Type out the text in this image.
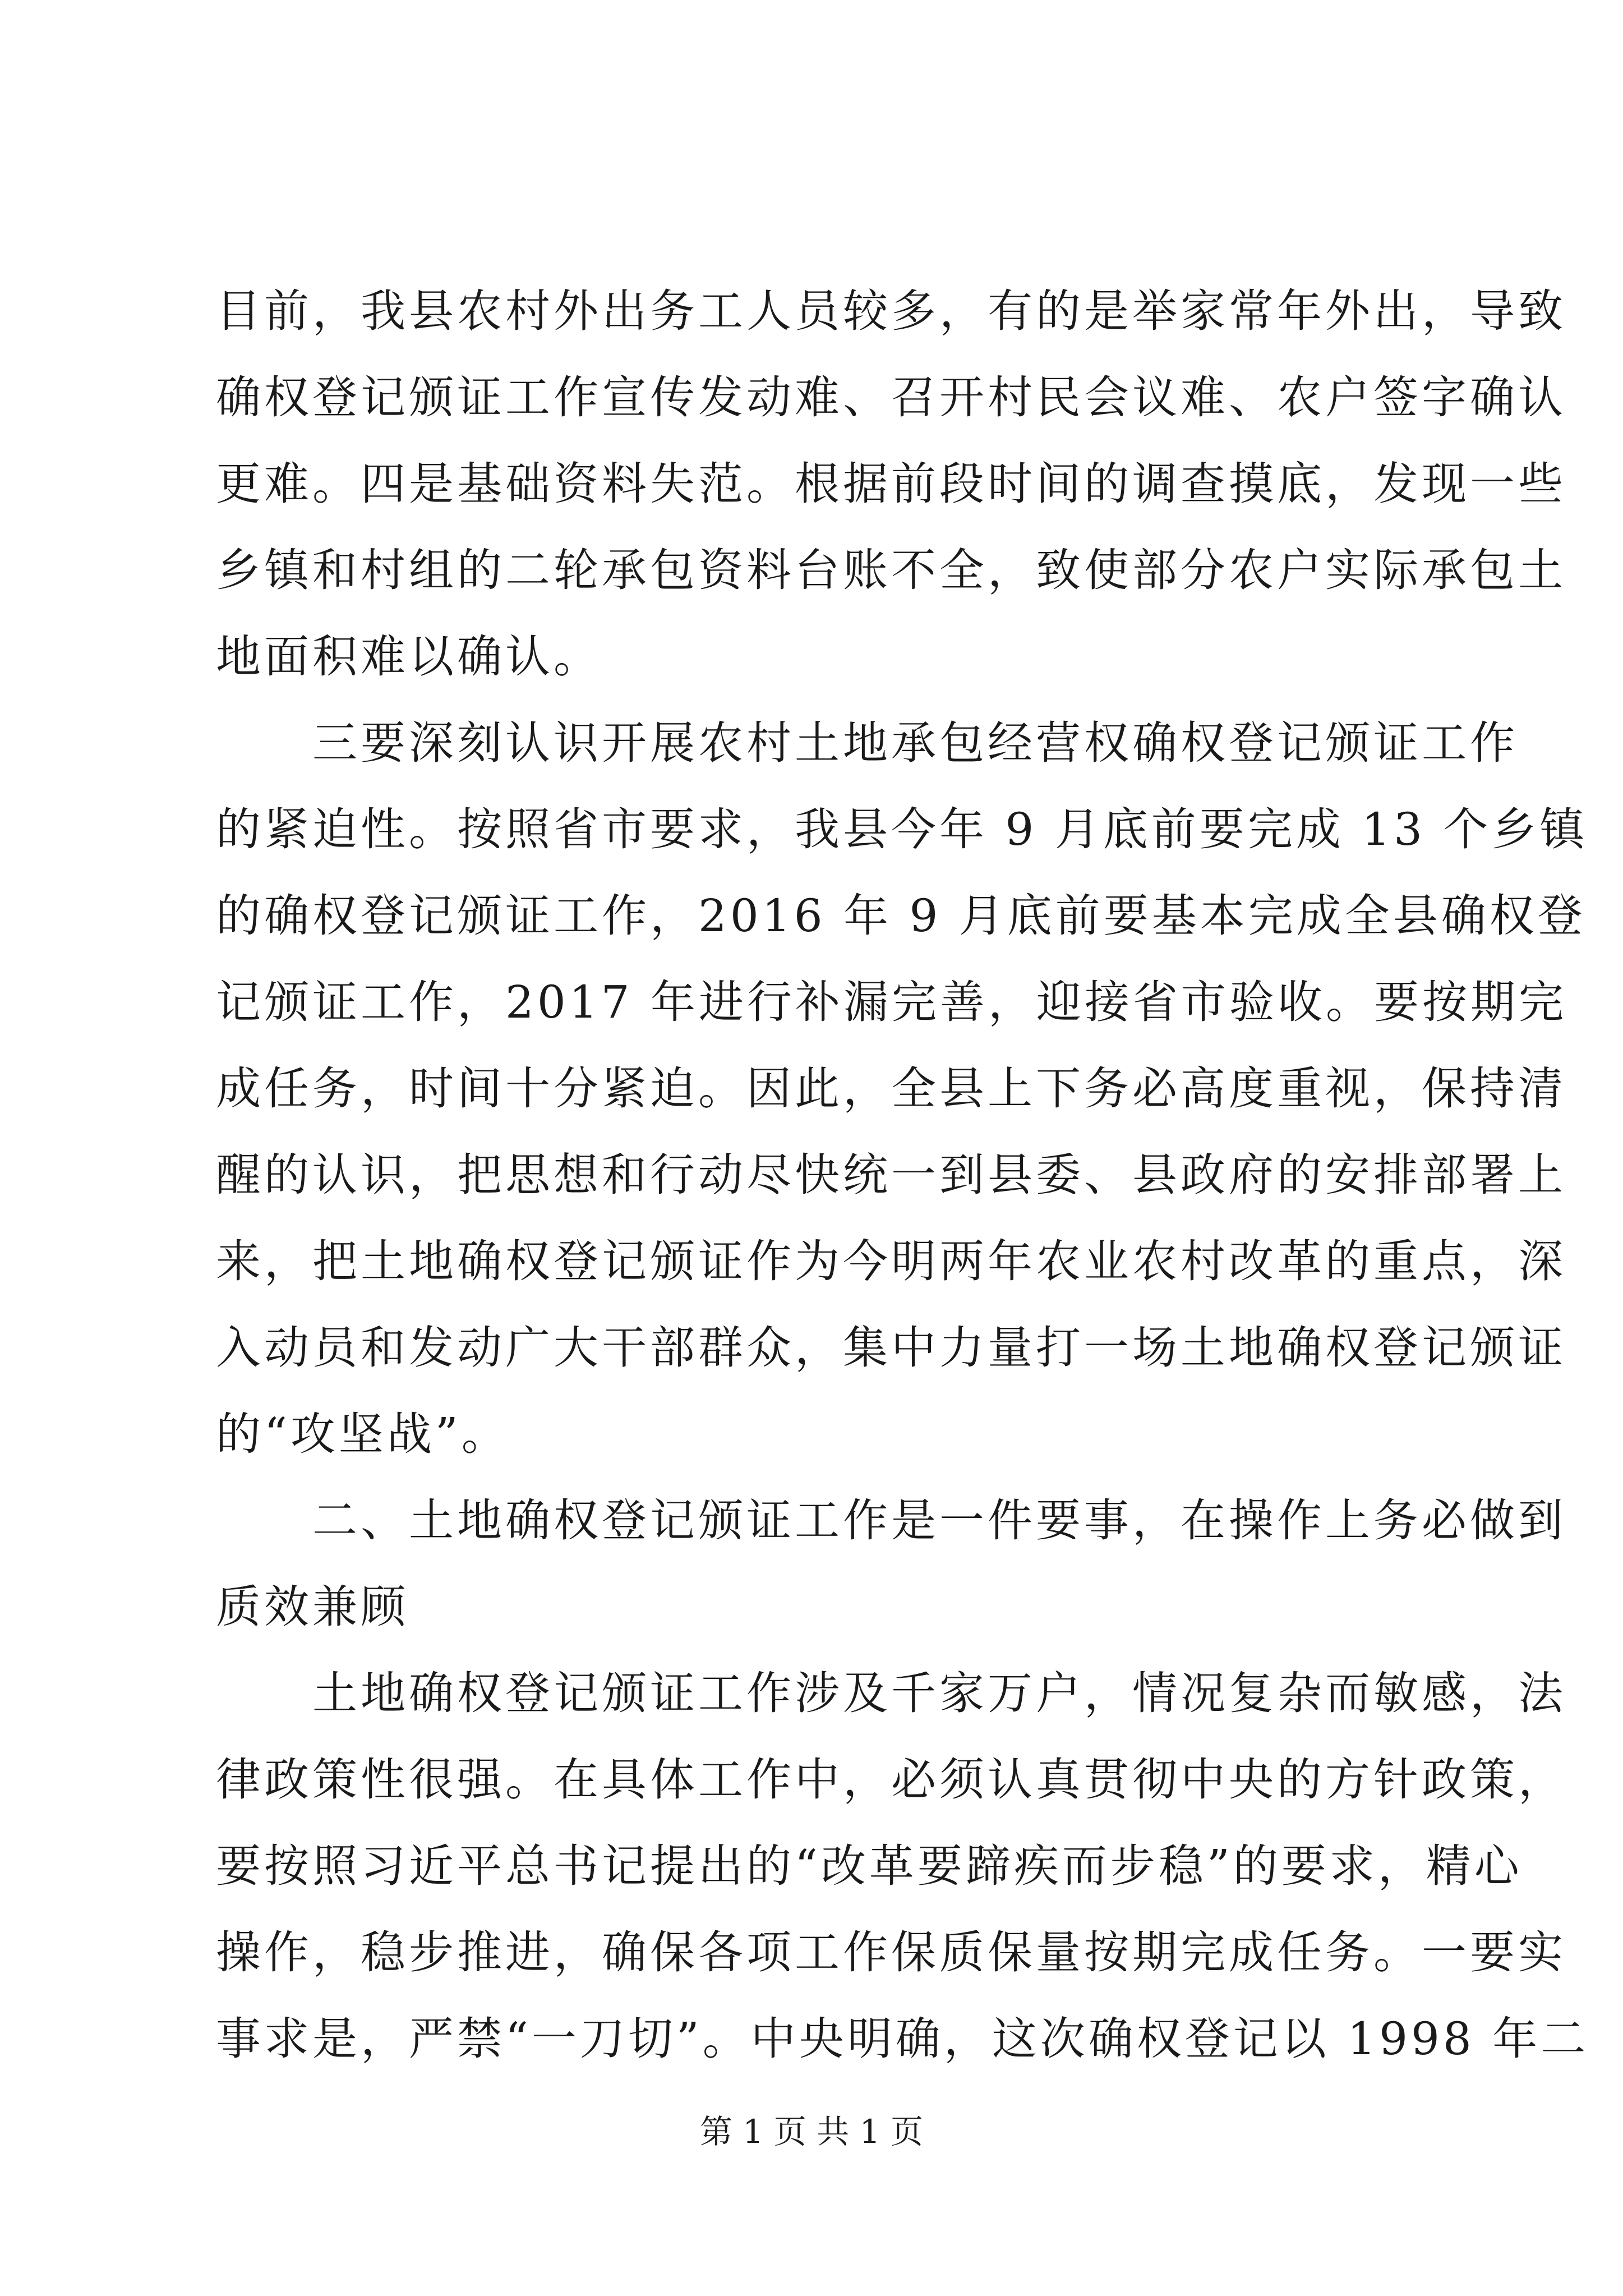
目前，我县农村外出务工人员较多，有的是举家常年外出，导致
确权登记颁证工作宣传发动难、召开村民会议难、农户签字确认
更难。四是基础资料失范。根据前段时间的调查摸底，发现一些
乡镇和村组的二轮承包资料台账不全，致使部分农户实际承包土
地面积难以确认。
三要深刻认识开展农村土地承包经营权确权登记颁证工作
的紧迫性。按照省市要求，我县今年 9 月底前要完成 13 个乡镇
的确权登记颁证工作，2016 年 9 月底前要基本完成全县确权登
记颁证工作，2017 年进行补漏完善，迎接省市验收。要按期完
成任务，时间十分紧迫。因此，全县上下务必高度重视，保持清
醒的认识，把思想和行动尽快统一到县委、县政府的安排部署上
来，把土地确权登记颁证作为今明两年农业农村改革的重点，深
入动员和发动广大干部群众，集中力量打一场土地确权登记颁证
的“攻坚战”。
二、土地确权登记颁证工作是一件要事，在操作上务必做到
质效兼顾
土地确权登记颁证工作涉及千家万户，情况复杂而敏感，法
律政策性很强。在具体工作中，必须认真贯彻中央的方针政策，
要按照习近平总书记提出的“改革要蹄疾而步稳”的要求，精心
操作，稳步推进，确保各项工作保质保量按期完成任务。一要实
事求是，严禁“一刀切”。中央明确，这次确权登记以 1998 年二
第 1 页 共 1 页
